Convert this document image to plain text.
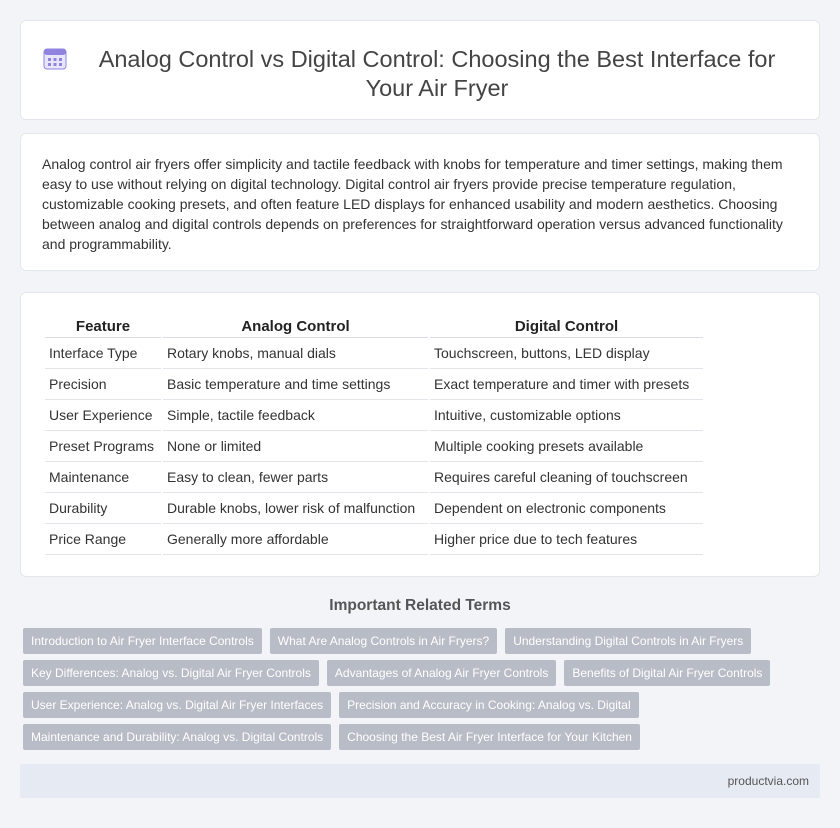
Analog Control vs Digital Control: Choosing the Best Interface for Your Air Fryer

Analog control air fryers offer simplicity and tactile feedback with knobs for temperature and timer settings, making them easy to use without relying on digital technology. Digital control air fryers provide precise temperature regulation, customizable cooking presets, and often feature LED displays for enhanced usability and modern aesthetics. Choosing between analog and digital controls depends on preferences for straightforward operation versus advanced functionality and programmability.

Feature	Analog Control	Digital Control
Interface Type	Rotary knobs, manual dials	Touchscreen, buttons, LED display
Precision	Basic temperature and time settings	Exact temperature and timer with presets
User Experience	Simple, tactile feedback	Intuitive, customizable options
Preset Programs	None or limited	Multiple cooking presets available
Maintenance	Easy to clean, fewer parts	Requires careful cleaning of touchscreen
Durability	Durable knobs, lower risk of malfunction	Dependent on electronic components
Price Range	Generally more affordable	Higher price due to tech features
Important Related Terms
Introduction to Air Fryer Interface Controls	What Are Analog Controls in Air Fryers?	Understanding Digital Controls in Air Fryers
Key Differences: Analog vs. Digital Air Fryer Controls	Advantages of Analog Air Fryer Controls	Benefits of Digital Air Fryer Controls
User Experience: Analog vs. Digital Air Fryer Interfaces	Precision and Accuracy in Cooking: Analog vs. Digital
Maintenance and Durability: Analog vs. Digital Controls	Choosing the Best Air Fryer Interface for Your Kitchen
productvia.com
